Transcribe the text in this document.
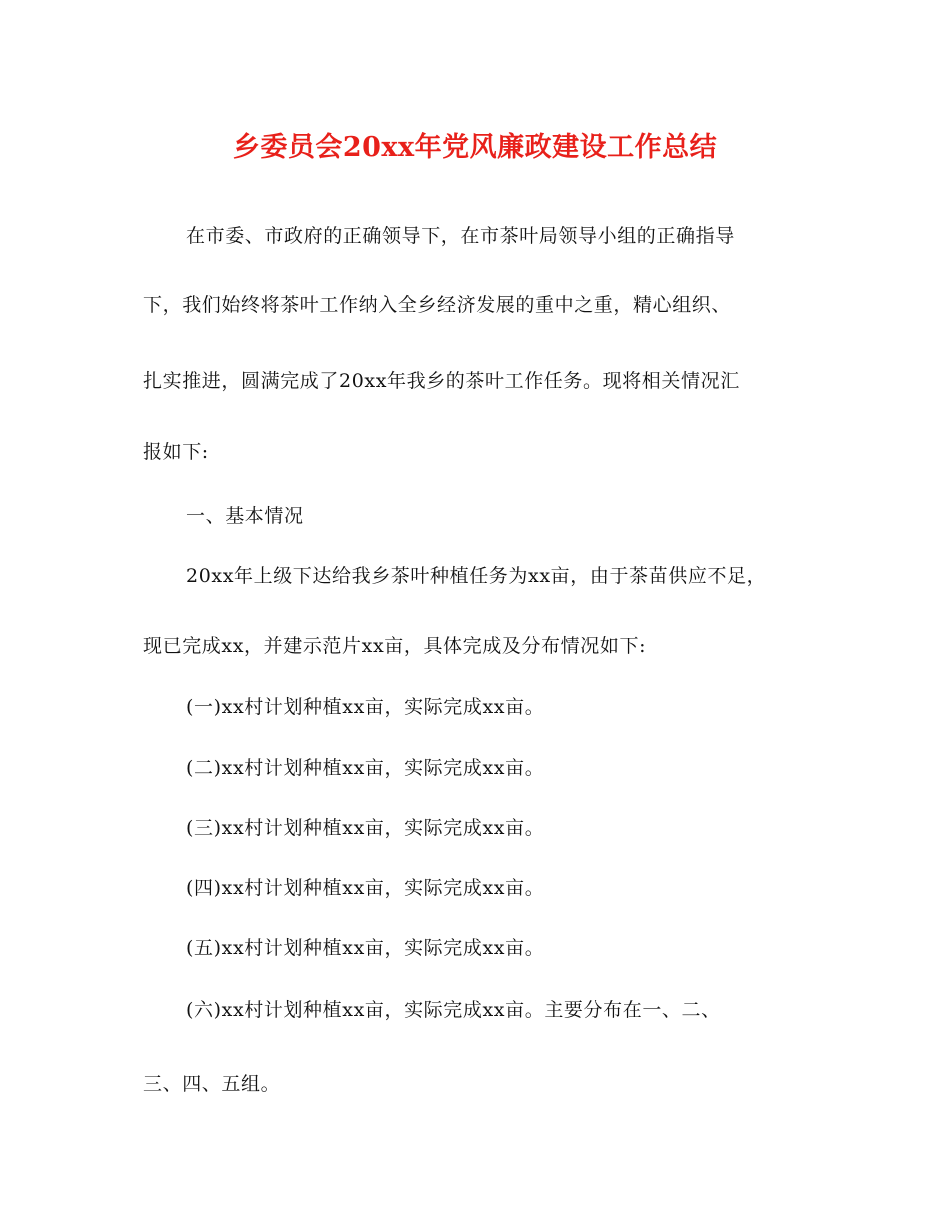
乡委员会20xx年党风廉政建设工作总结
在市委、市政府的正确领导下，在市茶叶局领导小组的正确指导
下，我们始终将茶叶工作纳入全乡经济发展的重中之重，精心组织、
扎实推进，圆满完成了20xx年我乡的茶叶工作任务。现将相关情况汇
报如下:
一、基本情况
20xx年上级下达给我乡茶叶种植任务为xx亩，由于茶苗供应不足，
现已完成xx，并建示范片xx亩，具体完成及分布情况如下:
(一)xx村计划种植xx亩，实际完成xx亩。
(二)xx村计划种植xx亩，实际完成xx亩。
(三)xx村计划种植xx亩，实际完成xx亩。
(四)xx村计划种植xx亩，实际完成xx亩。
(五)xx村计划种植xx亩，实际完成xx亩。
(六)xx村计划种植xx亩，实际完成xx亩。主要分布在一、二、
三、四、五组。
